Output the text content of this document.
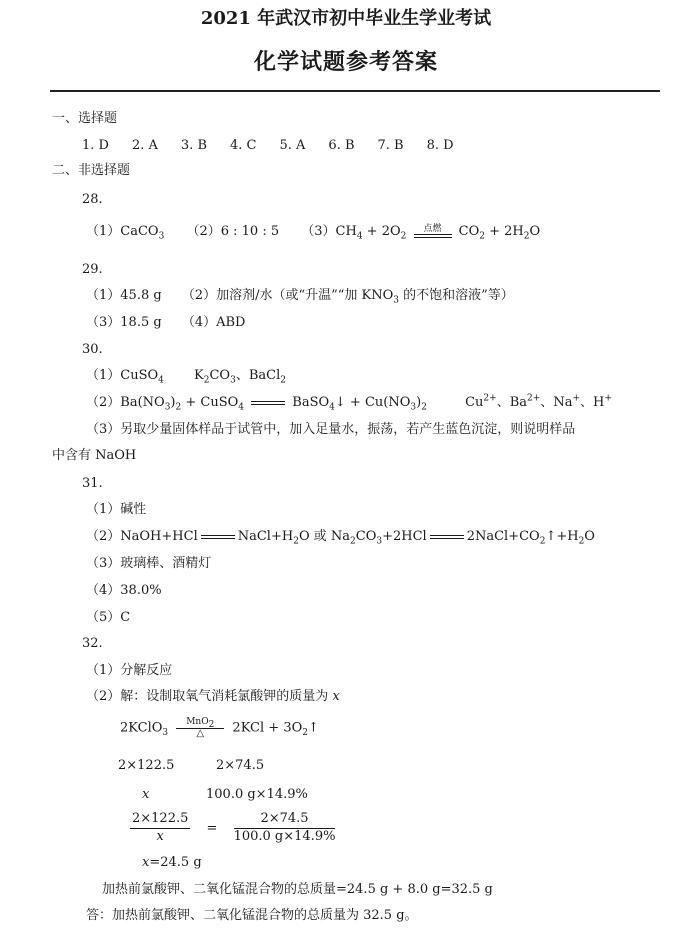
2021 年武汉市初中毕业生学业考试
化学试题参考答案
一、选择题
1. D 2. A 3. B 4. C 5. A 6. B 7. B 8. D
二、非选择题
28.
（1）CaCO$_3$ （2）6 : 10 : 5 $(3)CH_4 + 2O_2$
点燃	$CO_2 + 2H_2O$
29.
（1）45.8 g （2）加溶剂/水（或“升温”“加 $KNO_3$ 的不饱和溶液”等）
（3）18.5 g （4）ABD
30.
（1）CuSO$_4$ $K_2CO_3$、BaCl$_2$
$(2)Ba(NO_3)_2$ + CuSO$_4$	BaSO$_4$↓ + $Cu(NO_3)_2$	$Cu^{2+}$、$Ba^{2+}$、Na+、H+
（3）另取少量固体样品于试管中，加入足量水，振荡，若产生蓝色沉淀，则说明样品
中含有 NaOH
31.
（1）碱性
（2）NaOH+HCl	$NaCl+H_2O$ 或 $Na_2CO_3+2HCl$	$2NaCl+CO_2↑+H_2O$
（3）玻璃棒、酒精灯
（4）38.0%
（5）C
32.
（1）分解反应
（2）解：设制取氧气消耗氯酸钾的质量为 x
2KClO$_3$
MnO$_2$
△	$2KCl + 3O_2↑$
2×122.5	2×74.5
x	100.0 g×14.9%
$\frac{2\times 122.5}{x} = \frac{2\times 74.5}{100.0 g\times 14.9\%}$
x=24.5 g
加热前氯酸钾、二氧化锰混合物的总质量=24.5 g + 8.0 g=32.5 g
答：加热前氯酸钾、二氧化锰混合物的总质量为 32.5 g。
